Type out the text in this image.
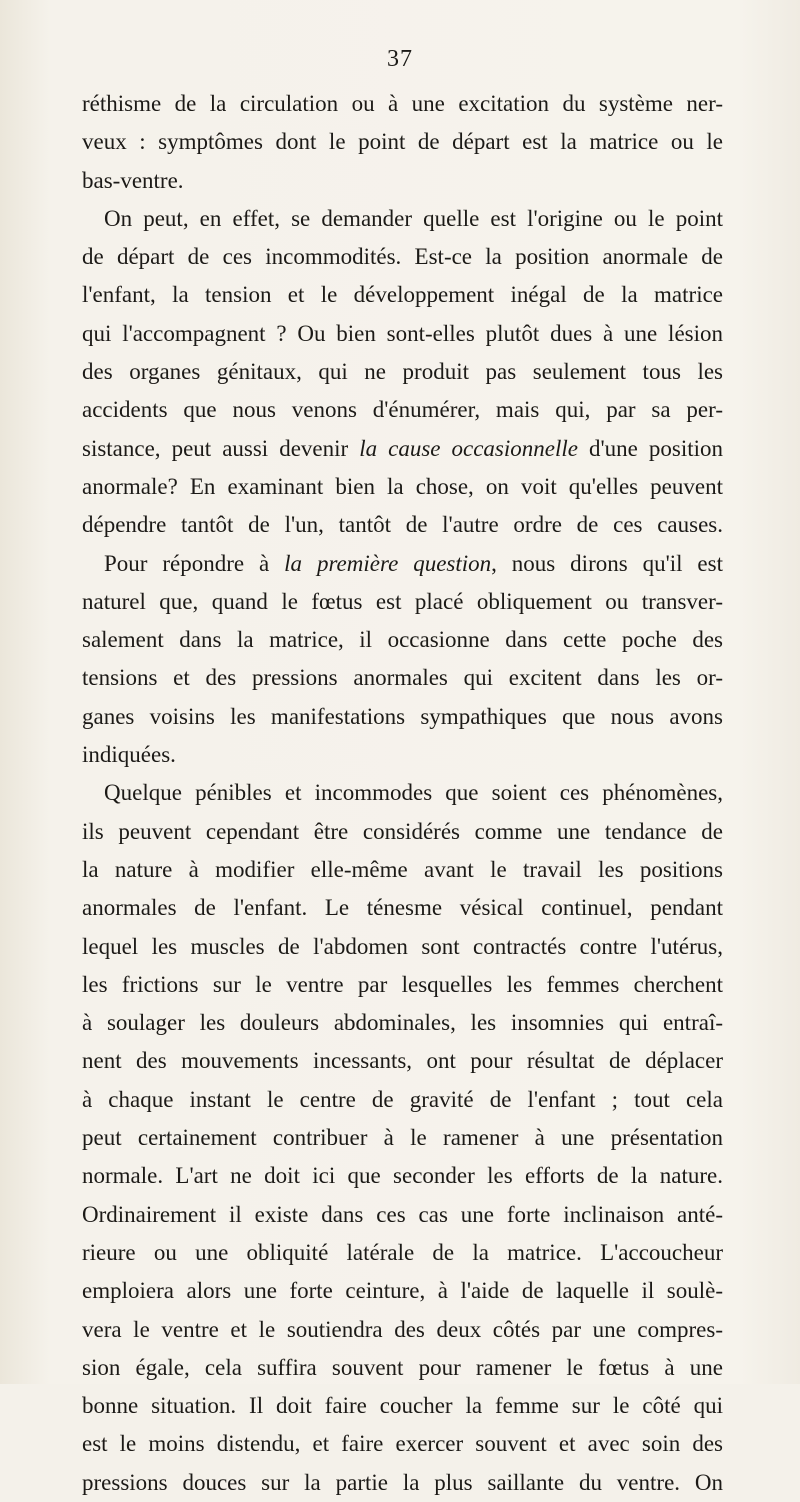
37
réthisme de la circulation ou à une excitation du système ner-
veux : symptômes dont le point de départ est la matrice ou le
bas-ventre.
On peut, en effet, se demander quelle est l'origine ou le point
de départ de ces incommodités. Est-ce la position anormale de
l'enfant, la tension et le développement inégal de la matrice
qui l'accompagnent ? Ou bien sont-elles plutôt dues à une lésion
des organes génitaux, qui ne produit pas seulement tous les
accidents que nous venons d'énumérer, mais qui, par sa per-
sistance, peut aussi devenir la cause occasionnelle d'une position
anormale? En examinant bien la chose, on voit qu'elles peuvent
dépendre tantôt de l'un, tantôt de l'autre ordre de ces causes.
Pour répondre à la première question, nous dirons qu'il est
naturel que, quand le fœtus est placé obliquement ou transver-
salement dans la matrice, il occasionne dans cette poche des
tensions et des pressions anormales qui excitent dans les or-
ganes voisins les manifestations sympathiques que nous avons
indiquées.
Quelque pénibles et incommodes que soient ces phénomènes,
ils peuvent cependant être considérés comme une tendance de
la nature à modifier elle-même avant le travail les positions
anormales de l'enfant. Le ténesme vésical continuel, pendant
lequel les muscles de l'abdomen sont contractés contre l'utérus,
les frictions sur le ventre par lesquelles les femmes cherchent
à soulager les douleurs abdominales, les insomnies qui entraî-
nent des mouvements incessants, ont pour résultat de déplacer
à chaque instant le centre de gravité de l'enfant ; tout cela
peut certainement contribuer à le ramener à une présentation
normale. L'art ne doit ici que seconder les efforts de la nature.
Ordinairement il existe dans ces cas une forte inclinaison anté-
rieure ou une obliquité latérale de la matrice. L'accoucheur
emploiera alors une forte ceinture, à l'aide de laquelle il soulè-
vera le ventre et le soutiendra des deux côtés par une compres-
sion égale, cela suffira souvent pour ramener le fœtus à une
bonne situation. Il doit faire coucher la femme sur le côté qui
est le moins distendu, et faire exercer souvent et avec soin des
pressions douces sur la partie la plus saillante du ventre. On
